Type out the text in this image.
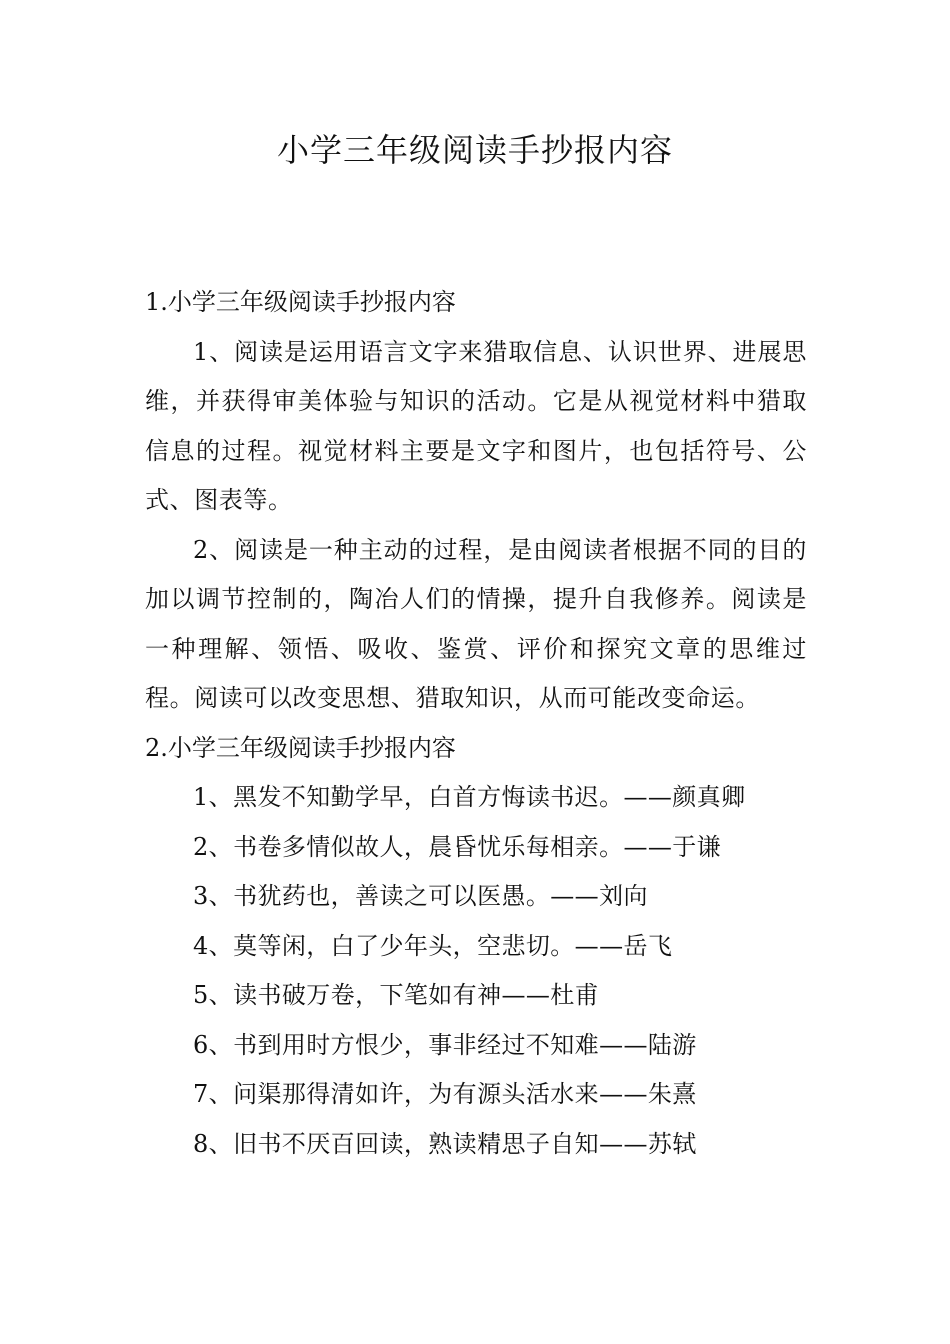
小学三年级阅读手抄报内容

1.小学三年级阅读手抄报内容

1、阅读是运用语言文字来猎取信息、认识世界、进展思维，并获得审美体验与知识的活动。它是从视觉材料中猎取信息的过程。视觉材料主要是文字和图片，也包括符号、公式、图表等。

2、阅读是一种主动的过程，是由阅读者根据不同的目的加以调节控制的，陶冶人们的情操，提升自我修养。阅读是一种理解、领悟、吸收、鉴赏、评价和探究文章的思维过程。阅读可以改变思想、猎取知识，从而可能改变命运。

2.小学三年级阅读手抄报内容

1、黑发不知勤学早，白首方悔读书迟。——颜真卿
2、书卷多情似故人，晨昏忧乐每相亲。——于谦
3、书犹药也，善读之可以医愚。——刘向
4、莫等闲，白了少年头，空悲切。——岳飞
5、读书破万卷，下笔如有神——杜甫
6、书到用时方恨少，事非经过不知难——陆游
7、问渠那得清如许，为有源头活水来——朱熹
8、旧书不厌百回读，熟读精思子自知——苏轼
